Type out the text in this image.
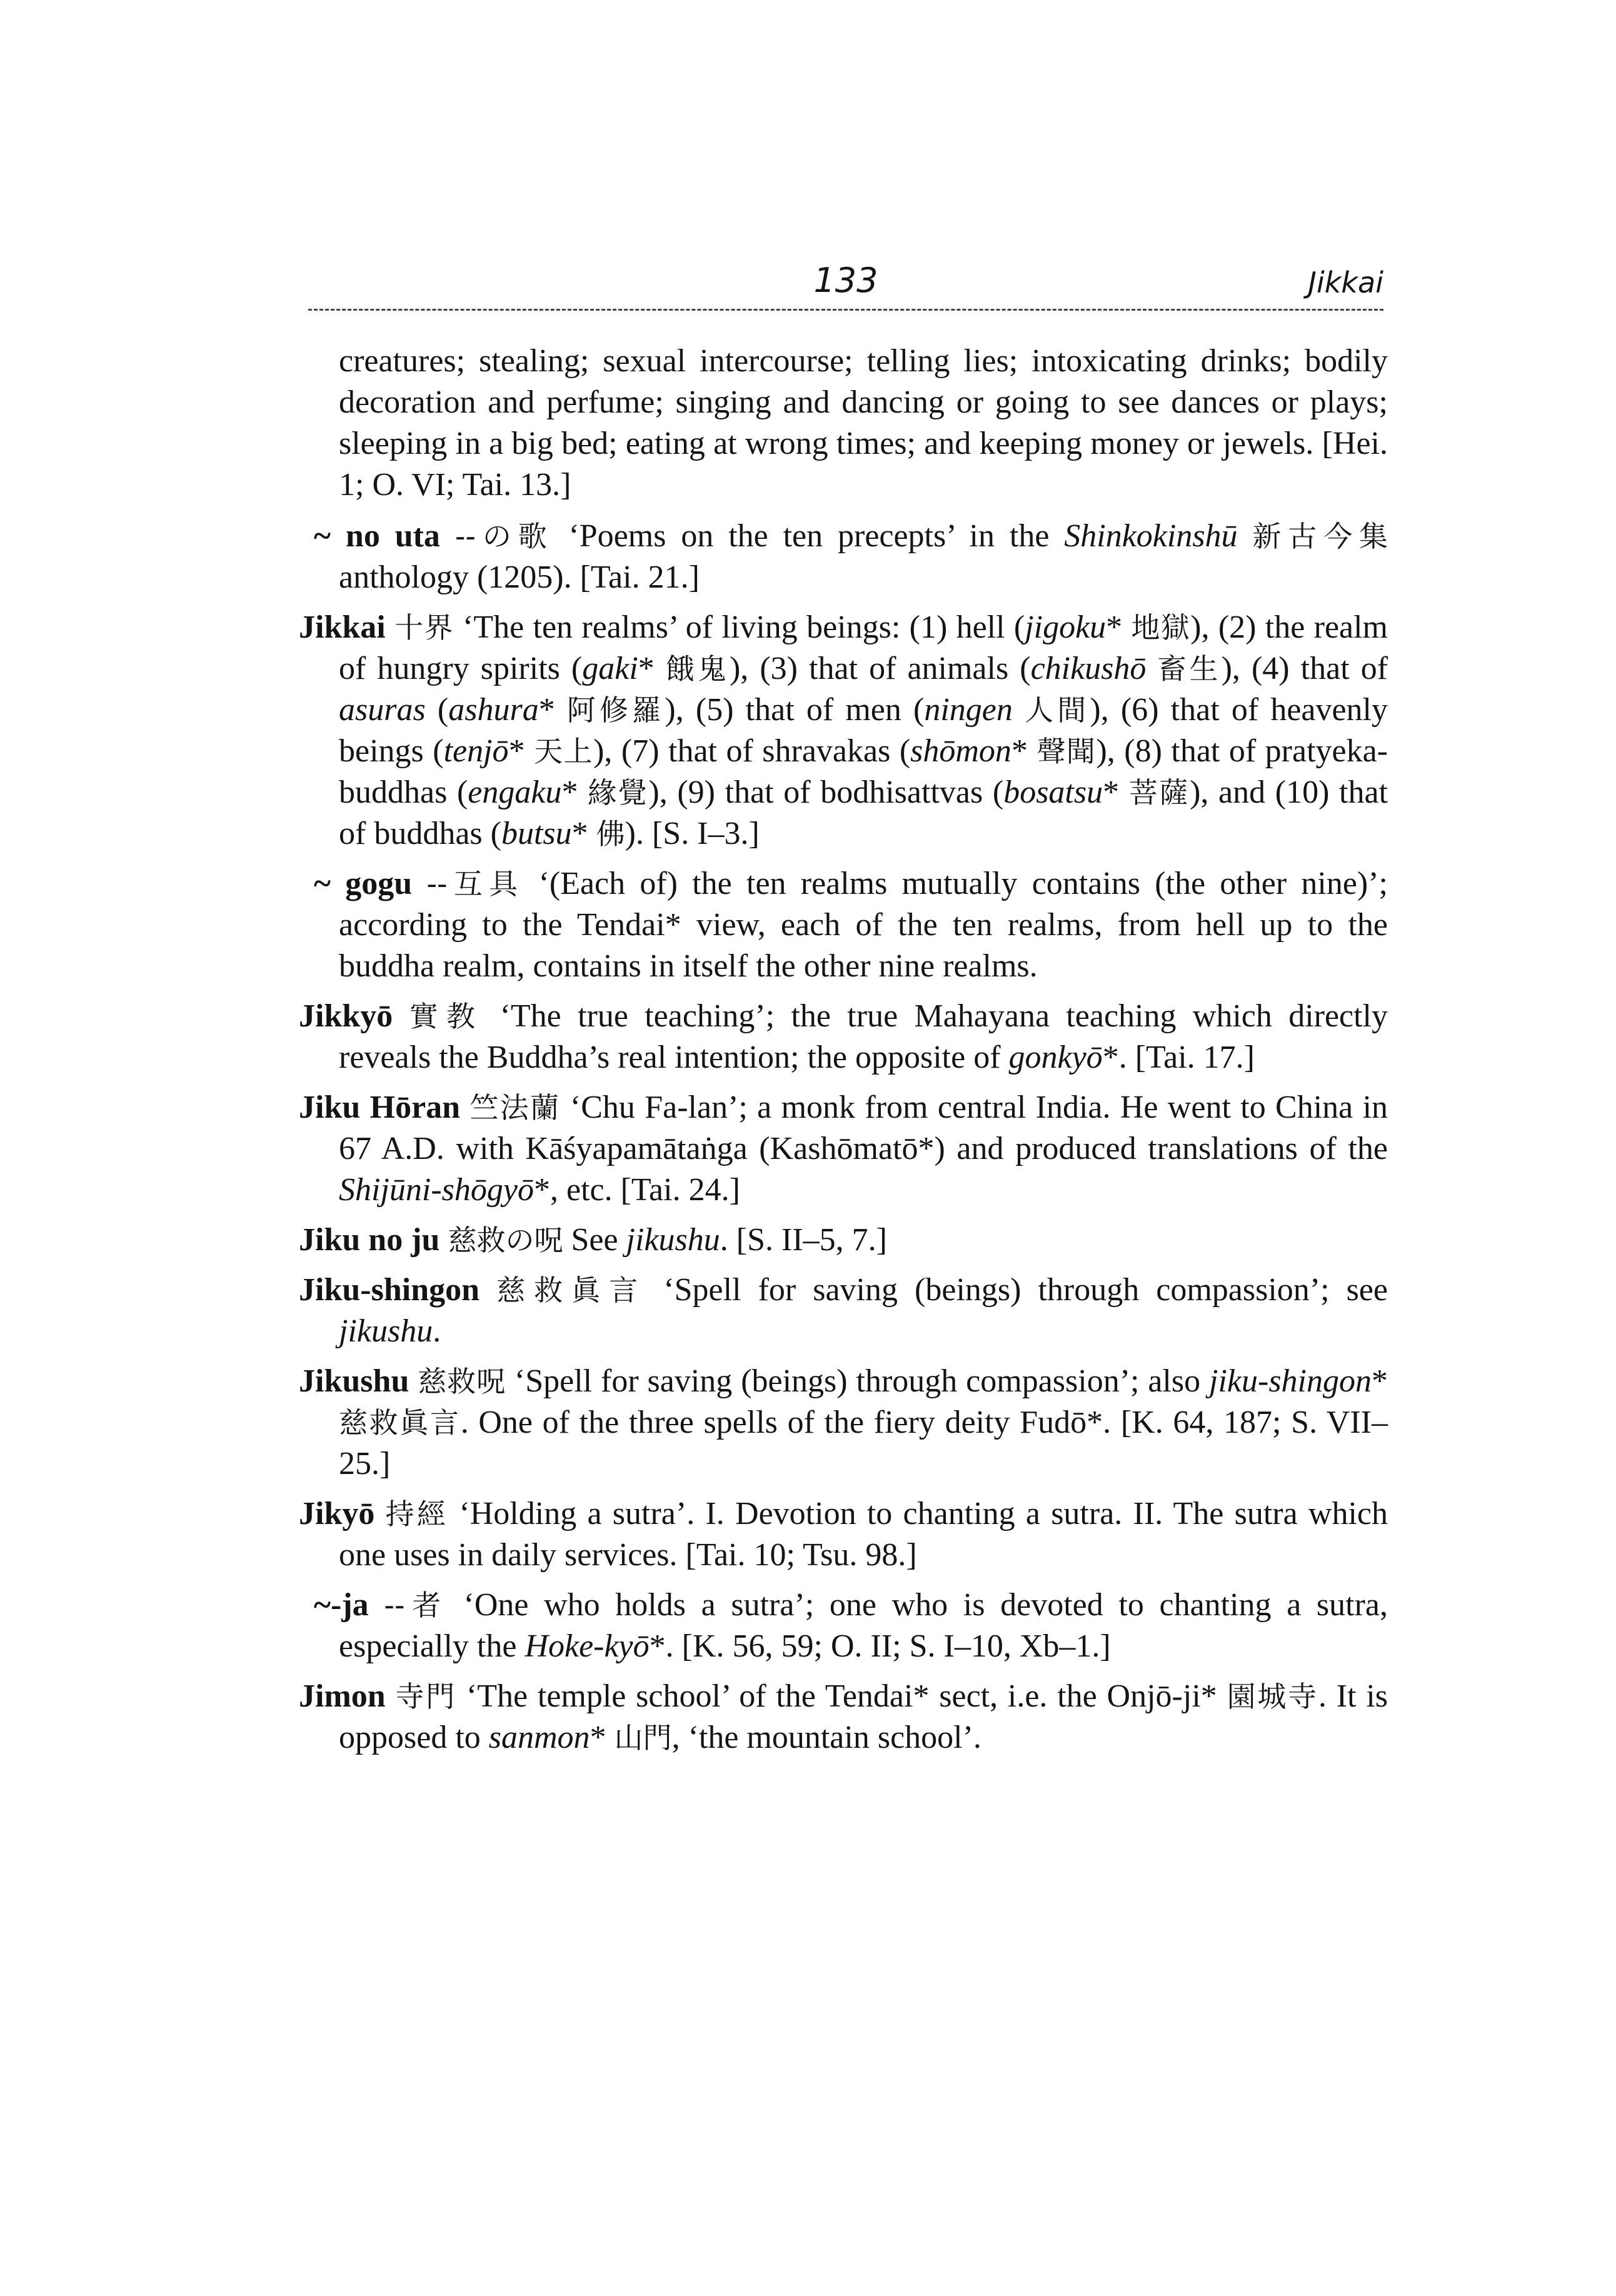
133	Jikkai

creatures; stealing; sexual intercourse; telling lies; intoxicating drinks; bodily decoration and perfume; singing and dancing or going to see dances or plays; sleeping in a big bed; eating at wrong times; and keeping money or jewels. [Hei. 1; O. VI; Tai. 13.]

~ no uta --の歌 ‘Poems on the ten precepts’ in the Shinkokinshū 新古今集 anthology (1205). [Tai. 21.]

Jikkai 十界 ‘The ten realms’ of living beings: (1) hell (jigoku* 地獄), (2) the realm of hungry spirits (gaki* 餓鬼), (3) that of animals (chikushō 畜生), (4) that of asuras (ashura* 阿修羅), (5) that of men (ningen 人間), (6) that of heavenly beings (tenjō* 天上), (7) that of shravakas (shōmon* 聲聞), (8) that of pratyeka-buddhas (engaku* 緣覺), (9) that of bodhisattvas (bosatsu* 菩薩), and (10) that of buddhas (butsu* 佛). [S. I–3.]

~ gogu --互具 ‘(Each of) the ten realms mutually contains (the other nine)’; according to the Tendai* view, each of the ten realms, from hell up to the buddha realm, contains in itself the other nine realms.

Jikkyō 實教 ‘The true teaching’; the true Mahayana teaching which directly reveals the Buddha’s real intention; the opposite of gonkyō*. [Tai. 17.]

Jiku Hōran 竺法蘭 ‘Chu Fa-lan’; a monk from central India. He went to China in 67 A.D. with Kāśyapamātaṅga (Kashōmatō*) and produced translations of the Shijūni-shōgyō*, etc. [Tai. 24.]

Jiku no ju 慈救の呪 See jikushu. [S. II–5, 7.]

Jiku-shingon 慈救眞言 ‘Spell for saving (beings) through compassion’; see jikushu.

Jikushu 慈救呪 ‘Spell for saving (beings) through compassion’; also jiku-shingon* 慈救眞言. One of the three spells of the fiery deity Fudō*. [K. 64, 187; S. VII–25.]

Jikyō 持經 ‘Holding a sutra’. I. Devotion to chanting a sutra. II. The sutra which one uses in daily services. [Tai. 10; Tsu. 98.]

~-ja --者 ‘One who holds a sutra’; one who is devoted to chanting a sutra, especially the Hoke-kyō*. [K. 56, 59; O. II; S. I–10, Xb–1.]

Jimon 寺門 ‘The temple school’ of the Tendai* sect, i.e. the Onjō-ji* 園城寺. It is opposed to sanmon* 山門, ‘the mountain school’.
